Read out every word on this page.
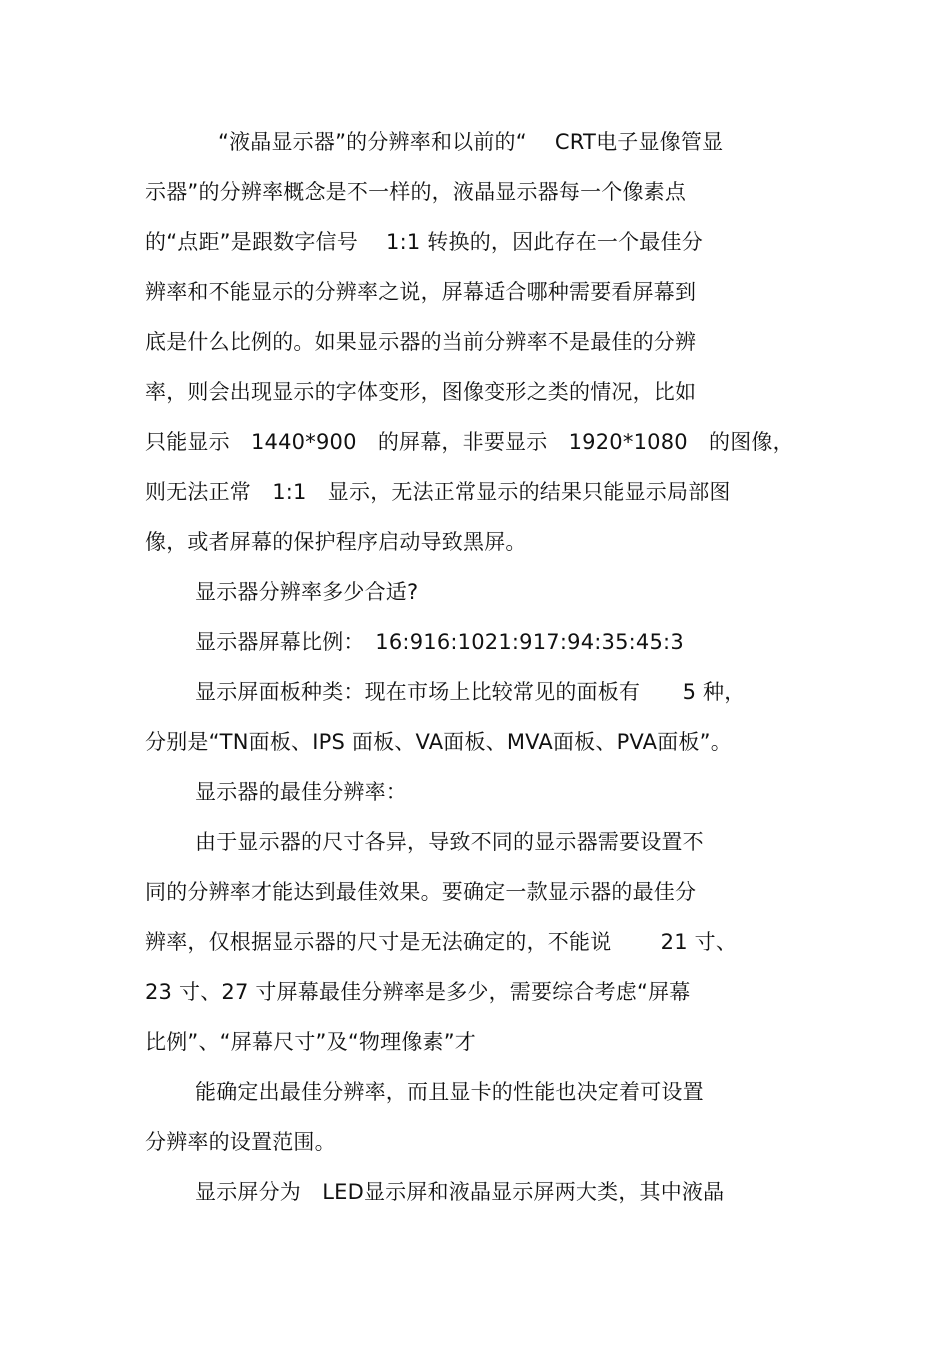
“液晶显示器”的分辨率和以前的“　 CRT电子显像管显
示器”的分辨率概念是不一样的，液晶显示器每一个像素点
的“点距”是跟数字信号　 1:1 转换的，因此存在一个最佳分
辨率和不能显示的分辨率之说，屏幕适合哪种需要看屏幕到
底是什么比例的。如果显示器的当前分辨率不是最佳的分辨
率，则会出现显示的字体变形，图像变形之类的情况，比如
只能显示　1440*900　的屏幕，非要显示　1920*1080　的图像，
则无法正常　1:1　显示，无法正常显示的结果只能显示局部图
像，或者屏幕的保护程序启动导致黑屏。
显示器分辨率多少合适?
显示器屏幕比例：　16:916:1021:917:94:35:45:3
显示屏面板种类：现在市场上比较常见的面板有　　5 种，
分别是“TN面板、IPS 面板、VA面板、MVA面板、PVA面板”。
显示器的最佳分辨率：
由于显示器的尺寸各异，导致不同的显示器需要设置不
同的分辨率才能达到最佳效果。要确定一款显示器的最佳分
辨率，仅根据显示器的尺寸是无法确定的，不能说　　 21 寸、
23 寸、27 寸屏幕最佳分辨率是多少，需要综合考虑“屏幕
比例”、“屏幕尺寸”及“物理像素”才
能确定出最佳分辨率，而且显卡的性能也决定着可设置
分辨率的设置范围。
显示屏分为　LED显示屏和液晶显示屏两大类，其中液晶
